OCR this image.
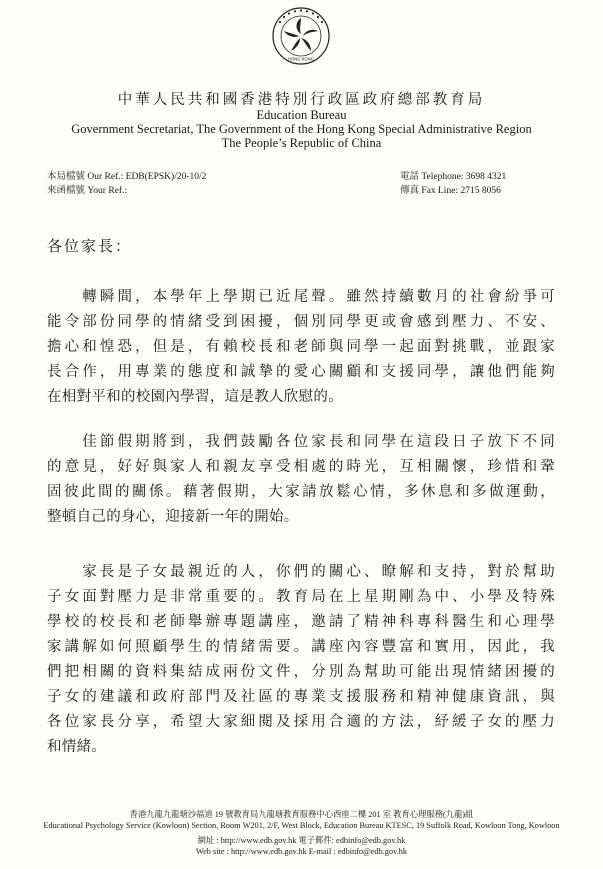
HONG KONG
中華人民共和國香港特別行政區政府總部教育局
Education Bureau
Government Secretariat, The Government of the Hong Kong Special Administrative Region
The People’s Republic of China
本局檔號 Our Ref.: EDB(EPSK)/20-10/2
來函檔號 Your Ref.:
電話 Telephone: 3698 4321
傳真 Fax Line: 2715 8056
各位家長：
　　轉瞬間，本學年上學期已近尾聲。雖然持續數月的社會紛爭可
能令部份同學的情緒受到困擾，個別同學更或會感到壓力、不安、
擔心和惶恐，但是，有賴校長和老師與同學一起面對挑戰，並跟家
長合作，用專業的態度和誠摯的愛心關顧和支援同學，讓他們能夠
在相對平和的校園內學習，這是教人欣慰的。
　　佳節假期將到，我們鼓勵各位家長和同學在這段日子放下不同
的意見，好好與家人和親友享受相處的時光，互相關懷，珍惜和鞏
固彼此間的關係。藉著假期，大家請放鬆心情，多休息和多做運動，
整頓自己的身心，迎接新一年的開始。
　　家長是子女最親近的人，你們的關心、瞭解和支持，對於幫助
子女面對壓力是非常重要的。教育局在上星期剛為中、小學及特殊
學校的校長和老師舉辦專題講座，邀請了精神科專科醫生和心理學
家講解如何照顧學生的情緒需要。講座內容豐富和實用，因此，我
們把相關的資料集結成兩份文件，分別為幫助可能出現情緒困擾的
子女的建議和政府部門及社區的專業支援服務和精神健康資訊，與
各位家長分享，希望大家細閱及採用合適的方法，紓緩子女的壓力
和情緒。
香港九龍九龍塘沙福道 19 號教育局九龍塘教育服務中心西座二樓 201 室 教育心理服務(九龍)組
Educational Psychology Service (Kowloon) Section, Room W201, 2/F, West Block, Education Bureau KTESC, 19 Suffolk Road, Kowloon Tong, Kowloon
網址 : http://www.edb.gov.hk 電子郵件: edbinfo@edb.gov.hk
Web site : http://www.edb.gov.hk E-mail : edbinfo@edb.gov.hk
